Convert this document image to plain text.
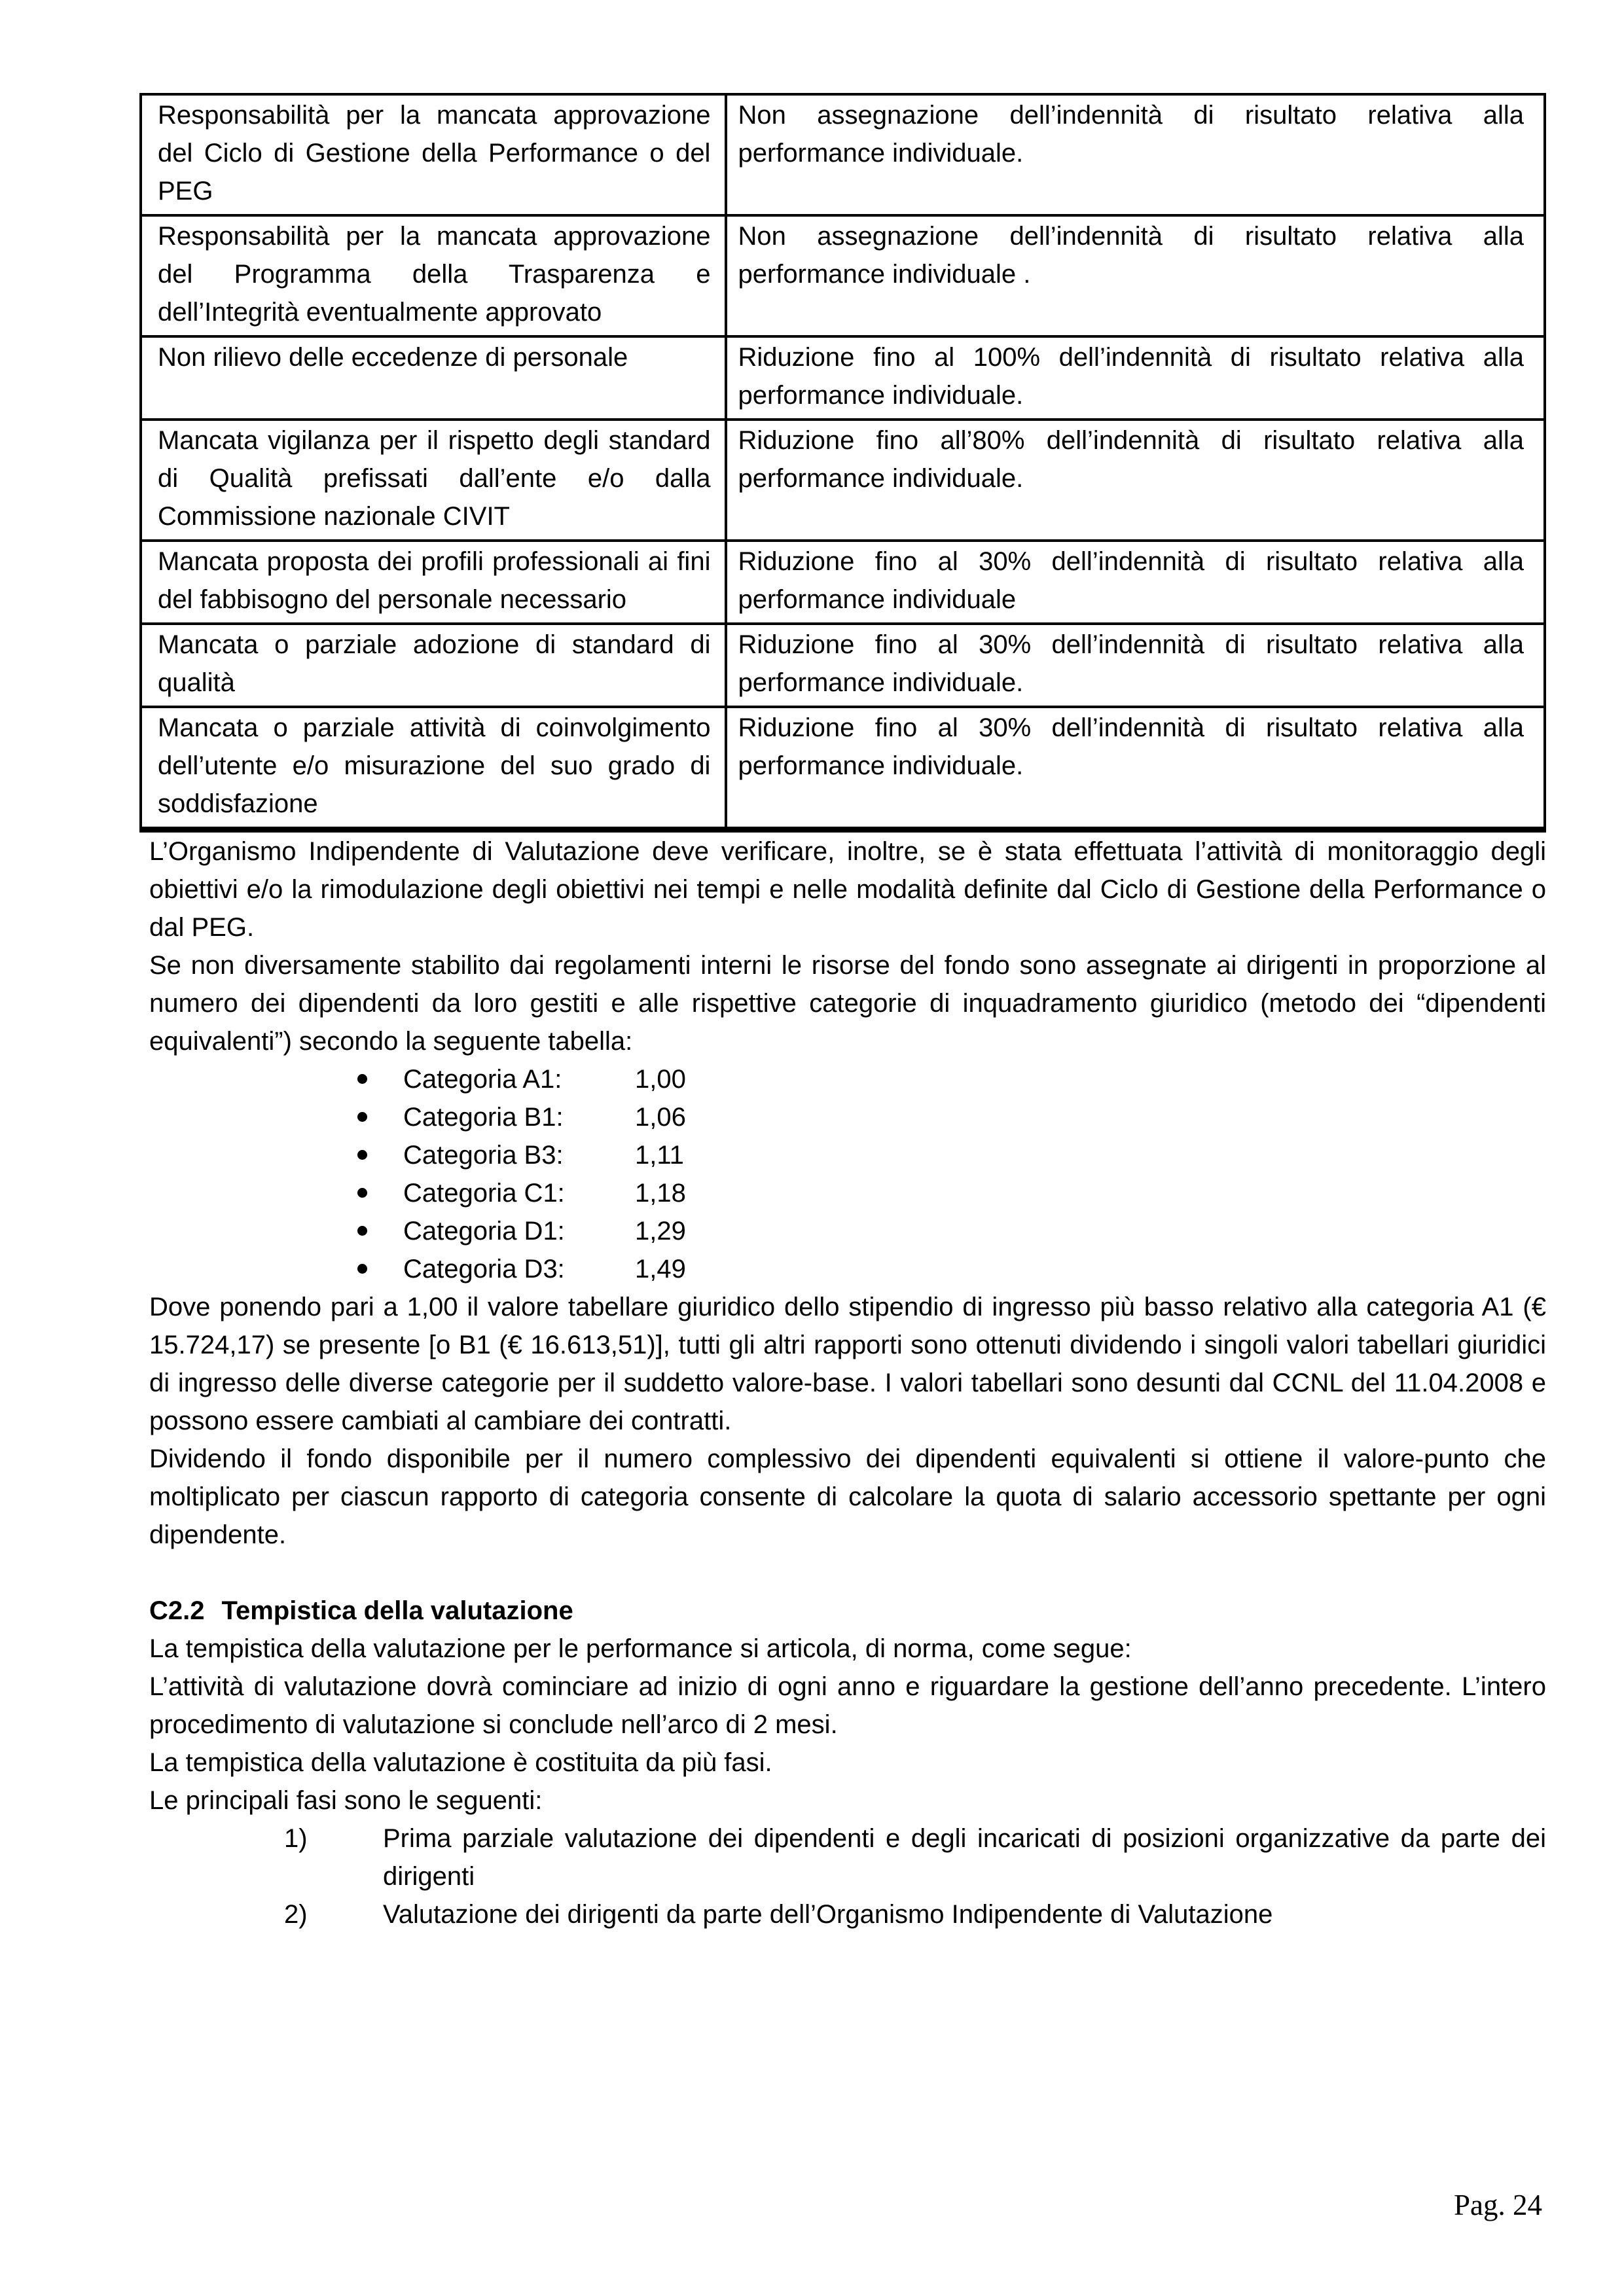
Responsabilità per la mancata approvazione del Ciclo di Gestione della Performance o del PEG	Non assegnazione dell’indennità di risultato relativa alla performance individuale.
Responsabilità per la mancata approvazione del Programma della Trasparenza e dell’Integrità eventualmente approvato	Non assegnazione dell’indennità di risultato relativa alla performance individuale .
Non rilievo delle eccedenze di personale	Riduzione fino al 100% dell’indennità di risultato relativa alla performance individuale.
Mancata vigilanza per il rispetto degli standard di Qualità prefissati dall’ente e/o dalla Commissione nazionale CIVIT	Riduzione fino all’80% dell’indennità di risultato relativa alla performance individuale.
Mancata proposta dei profili professionali ai fini del fabbisogno del personale necessario	Riduzione fino al 30% dell’indennità di risultato relativa alla performance individuale
Mancata o parziale adozione di standard di qualità	Riduzione fino al 30% dell’indennità di risultato relativa alla performance individuale.
Mancata o parziale attività di coinvolgimento dell’utente e/o misurazione del suo grado di soddisfazione	Riduzione fino al 30% dell’indennità di risultato relativa alla performance individuale.

L’Organismo Indipendente di Valutazione deve verificare, inoltre, se è stata effettuata l’attività di monitoraggio degli obiettivi e/o la rimodulazione degli obiettivi nei tempi e nelle modalità definite dal Ciclo di Gestione della Performance o dal PEG.

Se non diversamente stabilito dai regolamenti interni le risorse del fondo sono assegnate ai dirigenti in proporzione al numero dei dipendenti da loro gestiti e alle rispettive categorie di inquadramento giuridico (metodo dei “dipendenti equivalenti”) secondo la seguente tabella:

Categoria A1:	1,00
Categoria B1:	1,06
Categoria B3:	1,11
Categoria C1:	1,18
Categoria D1:	1,29
Categoria D3:	1,49

Dove ponendo pari a 1,00 il valore tabellare giuridico dello stipendio di ingresso più basso relativo alla categoria A1 (€ 15.724,17) se presente [o B1 (€ 16.613,51)], tutti gli altri rapporti sono ottenuti dividendo i singoli valori tabellari giuridici di ingresso delle diverse categorie per il suddetto valore-base. I valori tabellari sono desunti dal CCNL del 11.04.2008 e possono essere cambiati al cambiare dei contratti.

Dividendo il fondo disponibile per il numero complessivo dei dipendenti equivalenti si ottiene il valore-punto che moltiplicato per ciascun rapporto di categoria consente di calcolare la quota di salario accessorio spettante per ogni dipendente.

C2.2 Tempistica della valutazione

La tempistica della valutazione per le performance si articola, di norma, come segue:

L’attività di valutazione dovrà cominciare ad inizio di ogni anno e riguardare la gestione dell’anno precedente. L’intero procedimento di valutazione si conclude nell’arco di 2 mesi.

La tempistica della valutazione è costituita da più fasi.

Le principali fasi sono le seguenti:

1)	Prima parziale valutazione dei dipendenti e degli incaricati di posizioni organizzative da parte dei dirigenti
2)	Valutazione dei dirigenti da parte dell’Organismo Indipendente di Valutazione
Pag. 24
